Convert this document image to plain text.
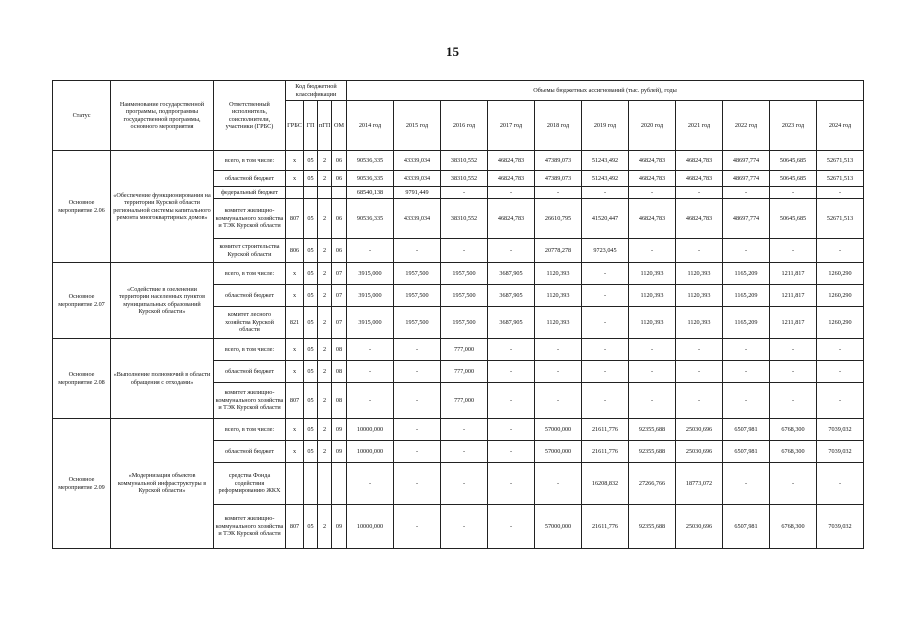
15
Статус	Наименование государственной программы, подпрограммы государственной программы, основного мероприятия	Ответственный исполнитель, соисполнители, участники (ГРБС)	Код бюджетной классификации				Объемы бюджетных ассигнований (тыс. рублей), годы										
			ГРБС	ГП	пГП	ОМ	2014 год	2015 год	2016 год	2017 год	2018 год	2019 год	2020 год	2021 год	2022 год	2023 год	2024 год
Основное мероприятие 2.06	«Обеспечение функционирования на территории Курской области региональной системы капитального ремонта многоквартирных домов»	всего, в том числе:	х	05	2	06	90536,335	43339,034	38310,552	46824,783	47389,073	51243,492	46824,783	46824,783	48697,774	50645,685	52671,513
		областной бюджет	х	05	2	06	90536,335	43339,034	38310,552	46824,783	47389,073	51243,492	46824,783	46824,783	48697,774	50645,685	52671,513
		федеральный бюджет					68540,138	9791,449	-	-	-	-	-	-	-	-	-
		комитет жилищно-коммунального хозяйства и ТЭК Курской области	807	05	2	06	90536,335	43339,034	38310,552	46824,783	26610,795	41520,447	46824,783	46824,783	48697,774	50645,685	52671,513
		комитет строительства Курской области	806	05	2	06	-	-	-	-	20778,278	9723,045	-	-	-	-	-
Основное мероприятие 2.07	«Содействие в озеленении территории населенных пунктов муниципальных образований Курской области»	всего, в том числе:	х	05	2	07	3915,000	1957,500	1957,500	3687,905	1120,393	-	1120,393	1120,393	1165,209	1211,817	1260,290
		областной бюджет	х	05	2	07	3915,000	1957,500	1957,500	3687,905	1120,393	-	1120,393	1120,393	1165,209	1211,817	1260,290
		комитет лесного хозяйства Курской области	821	05	2	07	3915,000	1957,500	1957,500	3687,905	1120,393	-	1120,393	1120,393	1165,209	1211,817	1260,290
Основное мероприятие 2.08	«Выполнение полномочий в области обращения с отходами»	всего, в том числе:	х	05	2	08	-	-	777,000	-	-	-	-	-	-	-	-
		областной бюджет	х	05	2	08	-	-	777,000	-	-	-	-	-	-	-	-
		комитет жилищно-коммунального хозяйства и ТЭК Курской области	807	05	2	08	-	-	777,000	-	-	-	-	-	-	-	-
Основное мероприятие 2.09	«Модернизация объектов коммунальной инфраструктуры в Курской области»	всего, в том числе:	х	05	2	09	10000,000	-	-	-	57000,000	21611,776	92355,688	25030,696	6507,981	6768,300	7039,032
		областной бюджет	х	05	2	09	10000,000	-	-	-	57000,000	21611,776	92355,688	25030,696	6507,981	6768,300	7039,032
		средства Фонда содействия реформированию ЖКХ					-	-	-	-	-	16208,832	27266,766	18773,072	-	-	-
		комитет жилищно-коммунального хозяйства и ТЭК Курской области	807	05	2	09	10000,000	-	-	-	57000,000	21611,776	92355,688	25030,696	6507,981	6768,300	7039,032
